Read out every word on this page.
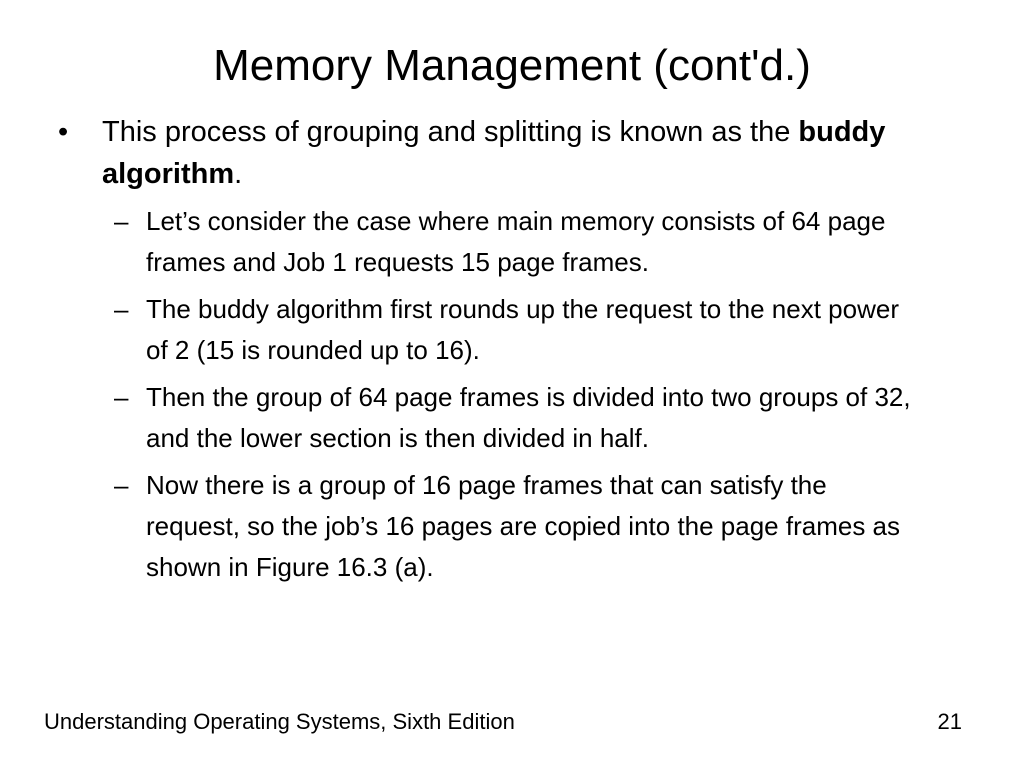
Memory Management (cont'd.)
• This process of grouping and splitting is known as the buddy algorithm.
– Let’s consider the case where main memory consists of 64 page frames and Job 1 requests 15 page frames.
– The buddy algorithm first rounds up the request to the next power of 2 (15 is rounded up to 16).
– Then the group of 64 page frames is divided into two groups of 32, and the lower section is then divided in half.
– Now there is a group of 16 page frames that can satisfy the request, so the job’s 16 pages are copied into the page frames as shown in Figure 16.3 (a).
Understanding Operating Systems, Sixth Edition	21
